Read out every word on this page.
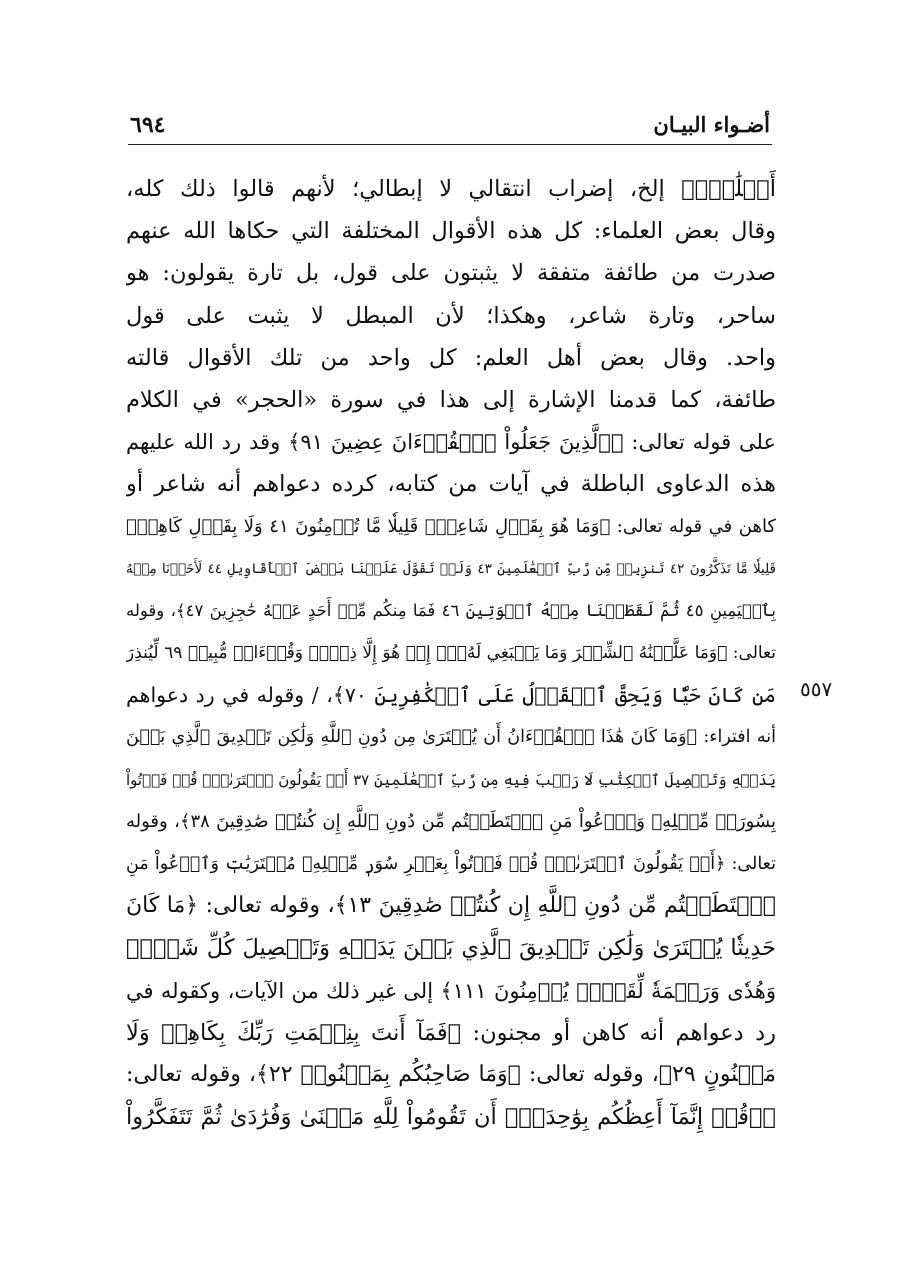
٦٩٤	أضـواء البيـان
٥٥٧
أَحۡلَٰمِۭ﴾ إلخ، إضراب انتقالي لا إبطالي؛ لأنهم قالوا ذلك كله،
وقال بعض العلماء: كل هذه الأقوال المختلفة التي حكاها الله عنهم
صدرت من طائفة متفقة لا يثبتون على قول، بل تارة يقولون: هو
ساحر، وتارة شاعر، وهكذا؛ لأن المبطل لا يثبت على قول
واحد. وقال بعض أهل العلم: كل واحد من تلك الأقوال قالته
طائفة، كما قدمنا الإشارة إلى هذا في سورة «الحجر» في الكلام
على قوله تعالى: ﴿ٱلَّذِينَ جَعَلُواْ ٱلۡقُرۡءَانَ عِضِينَ ٩١﴾ وقد رد الله عليهم
هذه الدعاوى الباطلة في آيات من كتابه، كرده دعواهم أنه شاعر أو
كاهن في قوله تعالى: ﴿وَمَا هُوَ بِقَوۡلِ شَاعِرٖۚ قَلِيلٗا مَّا تُؤۡمِنُونَ ٤١ وَلَا بِقَوۡلِ كَاهِنٖۚ
قَلِيلٗا مَّا تَذَكَّرُونَ ٤٢ تَنزِيلٞ مِّن رَّبِّ ٱلۡعَٰلَمِينَ ٤٣ وَلَوۡ تَقَوَّلَ عَلَيۡنَا بَعۡضَ ٱلۡأَقَاوِيلِ ٤٤ لَأَخَذۡنَا مِنۡهُ
بِٱلۡيَمِينِ ٤٥ ثُمَّ لَقَطَعۡنَا مِنۡهُ ٱلۡوَتِينَ ٤٦ فَمَا مِنكُم مِّنۡ أَحَدٍ عَنۡهُ حَٰجِزِينَ ٤٧﴾، وقوله
تعالى: ﴿وَمَا عَلَّمۡنَٰهُ ٱلشِّعۡرَ وَمَا يَنۢبَغِي لَهُۥٓۚ إِنۡ هُوَ إِلَّا ذِكۡرٞ وَقُرۡءَانٞ مُّبِينٞ ٦٩ لِّيُنذِرَ
مَن كَانَ حَيّٗا وَيَحِقَّ ٱلۡقَوۡلُ عَلَى ٱلۡكَٰفِرِينَ ٧٠﴾، / وقوله في رد دعواهم
أنه افتراء: ﴿وَمَا كَانَ هَٰذَا ٱلۡقُرۡءَانُ أَن يُفۡتَرَىٰ مِن دُونِ ٱللَّهِ وَلَٰكِن تَصۡدِيقَ ٱلَّذِي بَيۡنَ
يَدَيۡهِ وَتَفۡصِيلَ ٱلۡكِتَٰبِ لَا رَيۡبَ فِيهِ مِن رَّبِّ ٱلۡعَٰلَمِينَ ٣٧ أَمۡ يَقُولُونَ ٱفۡتَرَىٰهُۖ قُلۡ فَأۡتُواْ
بِسُورَةٖ مِّثۡلِهِۦ وَٱدۡعُواْ مَنِ ٱسۡتَطَعۡتُم مِّن دُونِ ٱللَّهِ إِن كُنتُمۡ صَٰدِقِينَ ٣٨﴾، وقوله
تعالى: ﴿أَمۡ يَقُولُونَ ٱفۡتَرَىٰهُۖ قُلۡ فَأۡتُواْ بِعَشۡرِ سُوَرٖ مِّثۡلِهِۦ مُفۡتَرَيَٰتٖ وَٱدۡعُواْ مَنِ
ٱسۡتَطَعۡتُم مِّن دُونِ ٱللَّهِ إِن كُنتُمۡ صَٰدِقِينَ ١٣﴾، وقوله تعالى: ﴿مَا كَانَ
حَدِيثٗا يُفۡتَرَىٰ وَلَٰكِن تَصۡدِيقَ ٱلَّذِي بَيۡنَ يَدَيۡهِ وَتَفۡصِيلَ كُلِّ شَيۡءٖ
وَهُدٗى وَرَحۡمَةٗ لِّقَوۡمٖ يُؤۡمِنُونَ ١١١﴾ إلى غير ذلك من الآيات، وكقوله في
رد دعواهم أنه كاهن أو مجنون: ﴿فَمَآ أَنتَ بِنِعۡمَتِ رَبِّكَ بِكَاهِنٖ وَلَا
مَجۡنُونٍ ٢٩﴾، وقوله تعالى: ﴿وَمَا صَاحِبُكُم بِمَجۡنُونٖ ٢٢﴾، وقوله تعالى:
﴿۞قُلۡ إِنَّمَآ أَعِظُكُم بِوَٰحِدَةٍۖ أَن تَقُومُواْ لِلَّهِ مَثۡنَىٰ وَفُرَٰدَىٰ ثُمَّ تَتَفَكَّرُواْ
